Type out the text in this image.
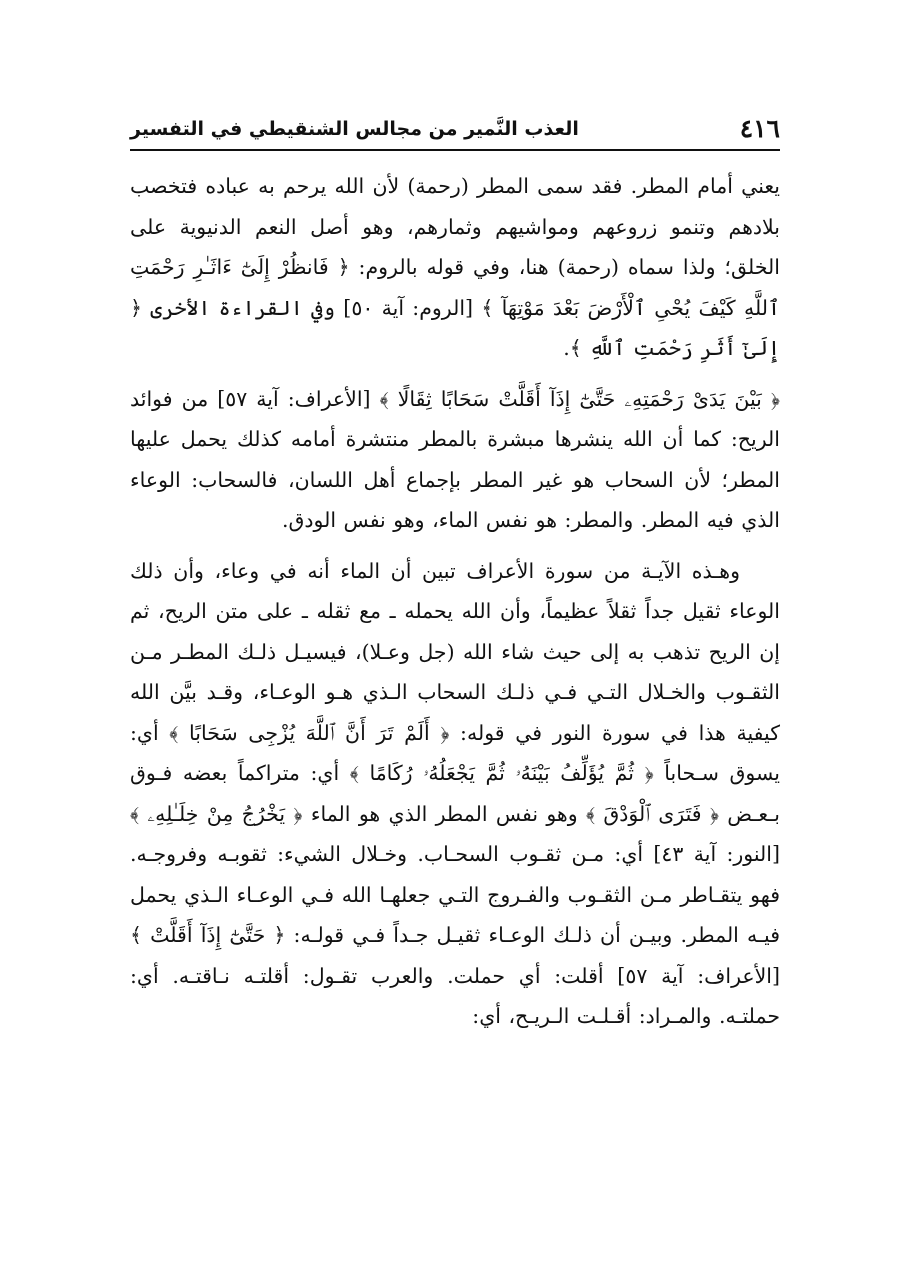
٤١٦
العذب النَّمير من مجالس الشنقيطي في التفسير

يعني أمام المطر. فقد سمى المطر (رحمة) لأن الله يرحم به عباده فتخصب بلادهم وتنمو زروعهم ومواشيهم وثمارهم، وهو أصل النعم الدنيوية على الخلق؛ ولذا سماه (رحمة) هنا، وفي قوله بالروم: ﴿ فَانظُرْ إِلَىٰٓ ءَاثَـٰرِ رَحْمَتِ ٱللَّهِ كَيْفَ يُحْىِ ٱلْأَرْضَ بَعْدَ مَوْتِهَآ ﴾ [الروم: آية ٥٠] وفي القراءة الأخرى ﴿ إِلَىٰٓ أَثَرِ رَحْمَتِ ٱللَّهِ ﴾.

﴿ بَيْنَ يَدَىْ رَحْمَتِهِۦ حَتَّىٰٓ إِذَآ أَقَلَّتْ سَحَابًا ثِقَالًا ﴾ [الأعراف: آية ٥٧] من فوائد الريح: كما أن الله ينشرها مبشرة بالمطر منتشرة أمامه كذلك يحمل عليها المطر؛ لأن السحاب هو غير المطر بإجماع أهل اللسان، فالسحاب: الوعاء الذي فيه المطر. والمطر: هو نفس الماء، وهو نفس الودق.

وهـذه الآيـة من سورة الأعراف تبين أن الماء أنه في وعاء، وأن ذلك الوعاء ثقيل جداً ثقلاً عظيماً، وأن الله يحمله ـ مع ثقله ـ على متن الريح، ثم إن الريح تذهب به إلى حيث شاء الله (جل وعـلا)، فيسيـل ذلـك المطـر مـن الثقـوب والخـلال التـي فـي ذلـك السحاب الـذي هـو الوعـاء، وقـد بيَّن الله كيفية هذا في سورة النور في قوله: ﴿ أَلَمْ تَرَ أَنَّ ٱللَّهَ يُزْجِى سَحَابًا ﴾ أي: يسوق سـحاباً ﴿ ثُمَّ يُؤَلِّفُ بَيْنَهُۥ ثُمَّ يَجْعَلُهُۥ رُكَامًا ﴾ أي: متراكماً بعضه فـوق بـعـض ﴿ فَتَرَى ٱلْوَدْقَ ﴾ وهو نفس المطر الذي هو الماء ﴿ يَخْرُجُ مِنْ خِلَـٰلِهِۦ ﴾ [النور: آية ٤٣] أي: مـن ثقـوب السحـاب. وخـلال الشيء: ثقوبـه وفروجـه. فهو يتقـاطر مـن الثقـوب والفـروج التـي جعلهـا الله فـي الوعـاء الـذي يحمل فيـه المطر. وبيـن أن ذلـك الوعـاء ثقيـل جـداً فـي قولـه: ﴿ حَتَّىٰٓ إِذَآ أَقَلَّتْ ﴾ [الأعراف: آية ٥٧] أقلت: أي حملت. والعرب تقـول: أقلتـه نـاقتـه. أي: حملتـه. والمـراد: أقـلـت الـريـح، أي:
